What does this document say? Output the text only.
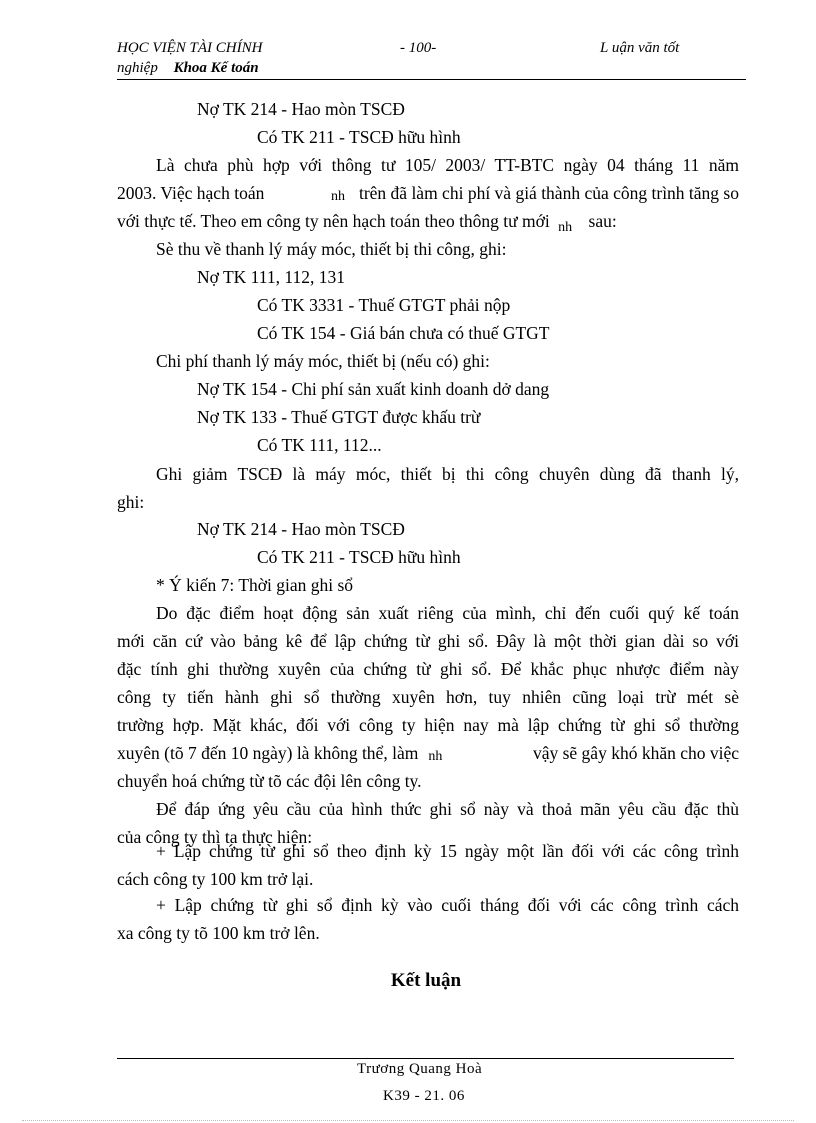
HỌC VIỆN TÀI CHÍNH	- 100-	L uận văn tốt
nghiệp Khoa Kế toán
Nợ TK 214 - Hao mòn TSCĐ
Có TK 211 - TSCĐ hữu hình
Là chưa phù hợp với thông tư 105/ 2003/ TT-BTC ngày 04 tháng 11 năm
2003. Việc hạch toán	nh trên đã làm chi phí và giá thành của công trình tăng so
với thực tế. Theo em công ty nên hạch toán theo thông tư mới $_{nh}$ sau:
Sè thu về thanh lý máy móc, thiết bị thi công, ghi:
Nợ TK 111, 112, 131
Có TK 3331 - Thuế GTGT phải nộp
Có TK 154 - Giá bán chưa có thuế GTGT
Chi phí thanh lý máy móc, thiết bị (nếu có) ghi:
Nợ TK 154 - Chi phí sản xuất kinh doanh dở dang
Nợ TK 133 - Thuế GTGT được khấu trừ
Có TK 111, 112...
Ghi giảm TSCĐ là máy móc, thiết bị thi công chuyên dùng đã thanh lý,
ghi:
Nợ TK 214 - Hao mòn TSCĐ
Có TK 211 - TSCĐ hữu hình
* Ý kiến 7: Thời gian ghi sổ
Do đặc điểm hoạt động sản xuất riêng của mình, chỉ đến cuối quý kế toán
mới căn cứ vào bảng kê để lập chứng từ ghi sổ. Đây là một thời gian dài so với
đặc tính ghi thường xuyên của chứng từ ghi sổ. Để khắc phục nhược điểm này
công ty tiến hành ghi sổ thường xuyên hơn, tuy nhiên cũng loại trừ mét sè
trường hợp. Mặt khác, đối với công ty hiện nay mà lập chứng từ ghi sổ thường
xuyên (tõ 7 đến 10 ngày) là không thể, làm nh	vậy sẽ gây khó khăn cho việc
chuyển hoá chứng từ tõ các đội lên công ty.
Để đáp ứng yêu cầu của hình thức ghi sổ này và thoả mãn yêu cầu đặc thù
của công ty thì ta thực hiện:
+ Lập chứng từ ghi sổ theo định kỳ 15 ngày một lần đối với các công trình
cách công ty 100 km trở lại.
+ Lập chứng từ ghi sổ định kỳ vào cuối tháng đối với các công trình cách
xa công ty tõ 100 km trở lên.
Kết luận
Trương Quang Hoà
K39 - 21. 06
